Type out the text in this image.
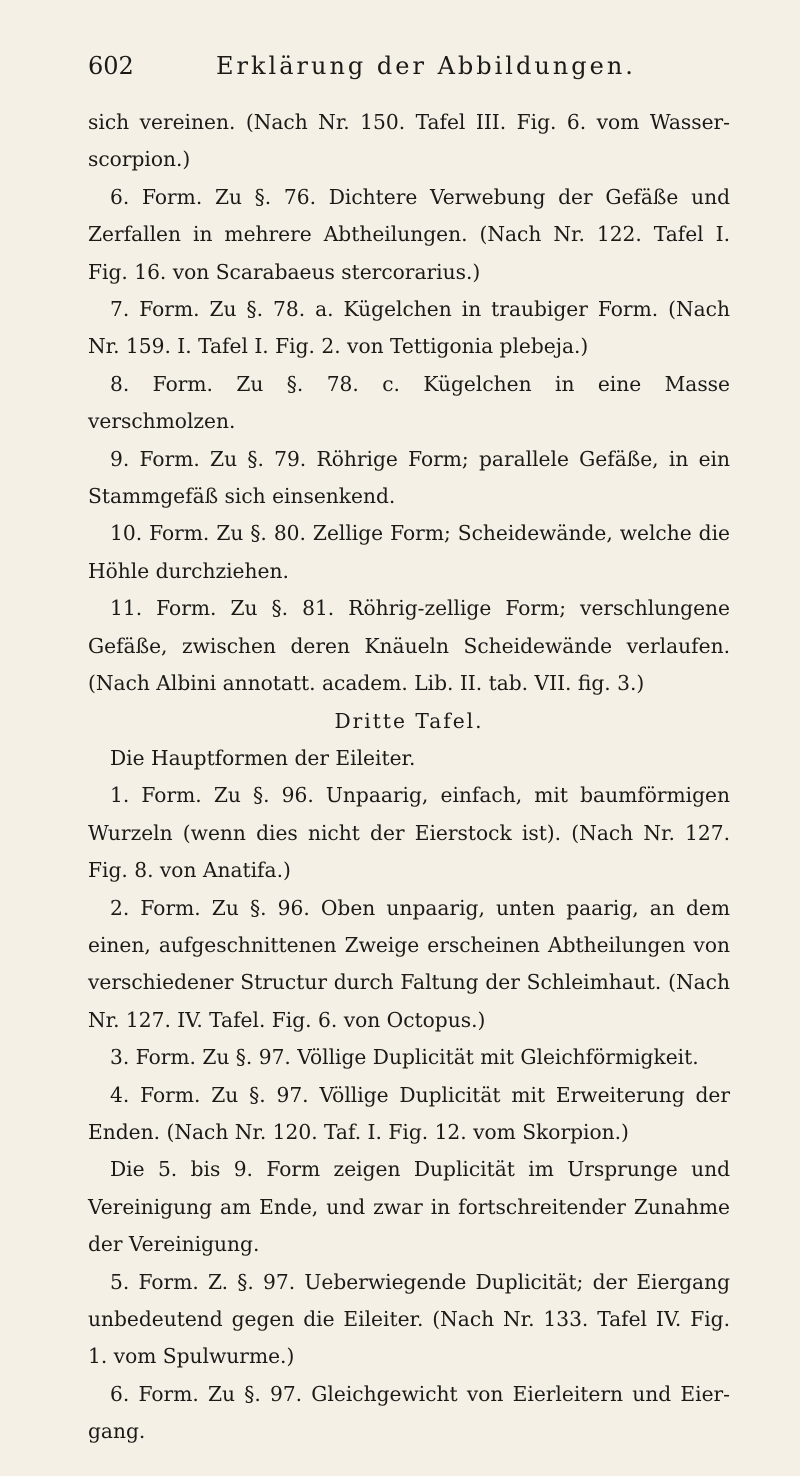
602	Erklärung der Abbildungen.

sich vereinen. (Nach Nr. 150. Tafel III. Fig. 6. vom Wasserscorpion.)

6. Form. Zu §. 76. Dichtere Verwebung der Gefäße und Zerfallen in mehrere Abtheilungen. (Nach Nr. 122. Tafel I. Fig. 16. von Scarabaeus stercorarius.)

7. Form. Zu §. 78. a. Kügelchen in traubiger Form. (Nach Nr. 159. I. Tafel I. Fig. 2. von Tettigonia plebeja.)

8. Form. Zu §. 78. c. Kügelchen in eine Masse verschmolzen.

9. Form. Zu §. 79. Röhrige Form; parallele Gefäße, in ein Stammgefäß sich einsenkend.

10. Form. Zu §. 80. Zellige Form; Scheidewände, welche die Höhle durchziehen.

11. Form. Zu §. 81. Röhrig-zellige Form; verschlungene Gefäße, zwischen deren Knäueln Scheidewände verlaufen. (Nach Albini annotatt. academ. Lib. II. tab. VII. fig. 3.)

Dritte Tafel.

Die Hauptformen der Eileiter.

1. Form. Zu §. 96. Unpaarig, einfach, mit baumförmigen Wurzeln (wenn dies nicht der Eierstock ist). (Nach Nr. 127. Fig. 8. von Anatifa.)

2. Form. Zu §. 96. Oben unpaarig, unten paarig, an dem einen, aufgeschnittenen Zweige erscheinen Abtheilungen von verschiedener Structur durch Faltung der Schleimhaut. (Nach Nr. 127. IV. Tafel. Fig. 6. von Octopus.)

3. Form. Zu §. 97. Völlige Duplicität mit Gleichförmigkeit.

4. Form. Zu §. 97. Völlige Duplicität mit Erweiterung der Enden. (Nach Nr. 120. Taf. I. Fig. 12. vom Skorpion.)

Die 5. bis 9. Form zeigen Duplicität im Ursprunge und Vereinigung am Ende, und zwar in fortschreitender Zunahme der Vereinigung.

5. Form. Z. §. 97. Ueberwiegende Duplicität; der Eiergang unbedeutend gegen die Eileiter. (Nach Nr. 133. Tafel IV. Fig. 1. vom Spulwurme.)

6. Form. Zu §. 97. Gleichgewicht von Eierleitern und Eiergang.
